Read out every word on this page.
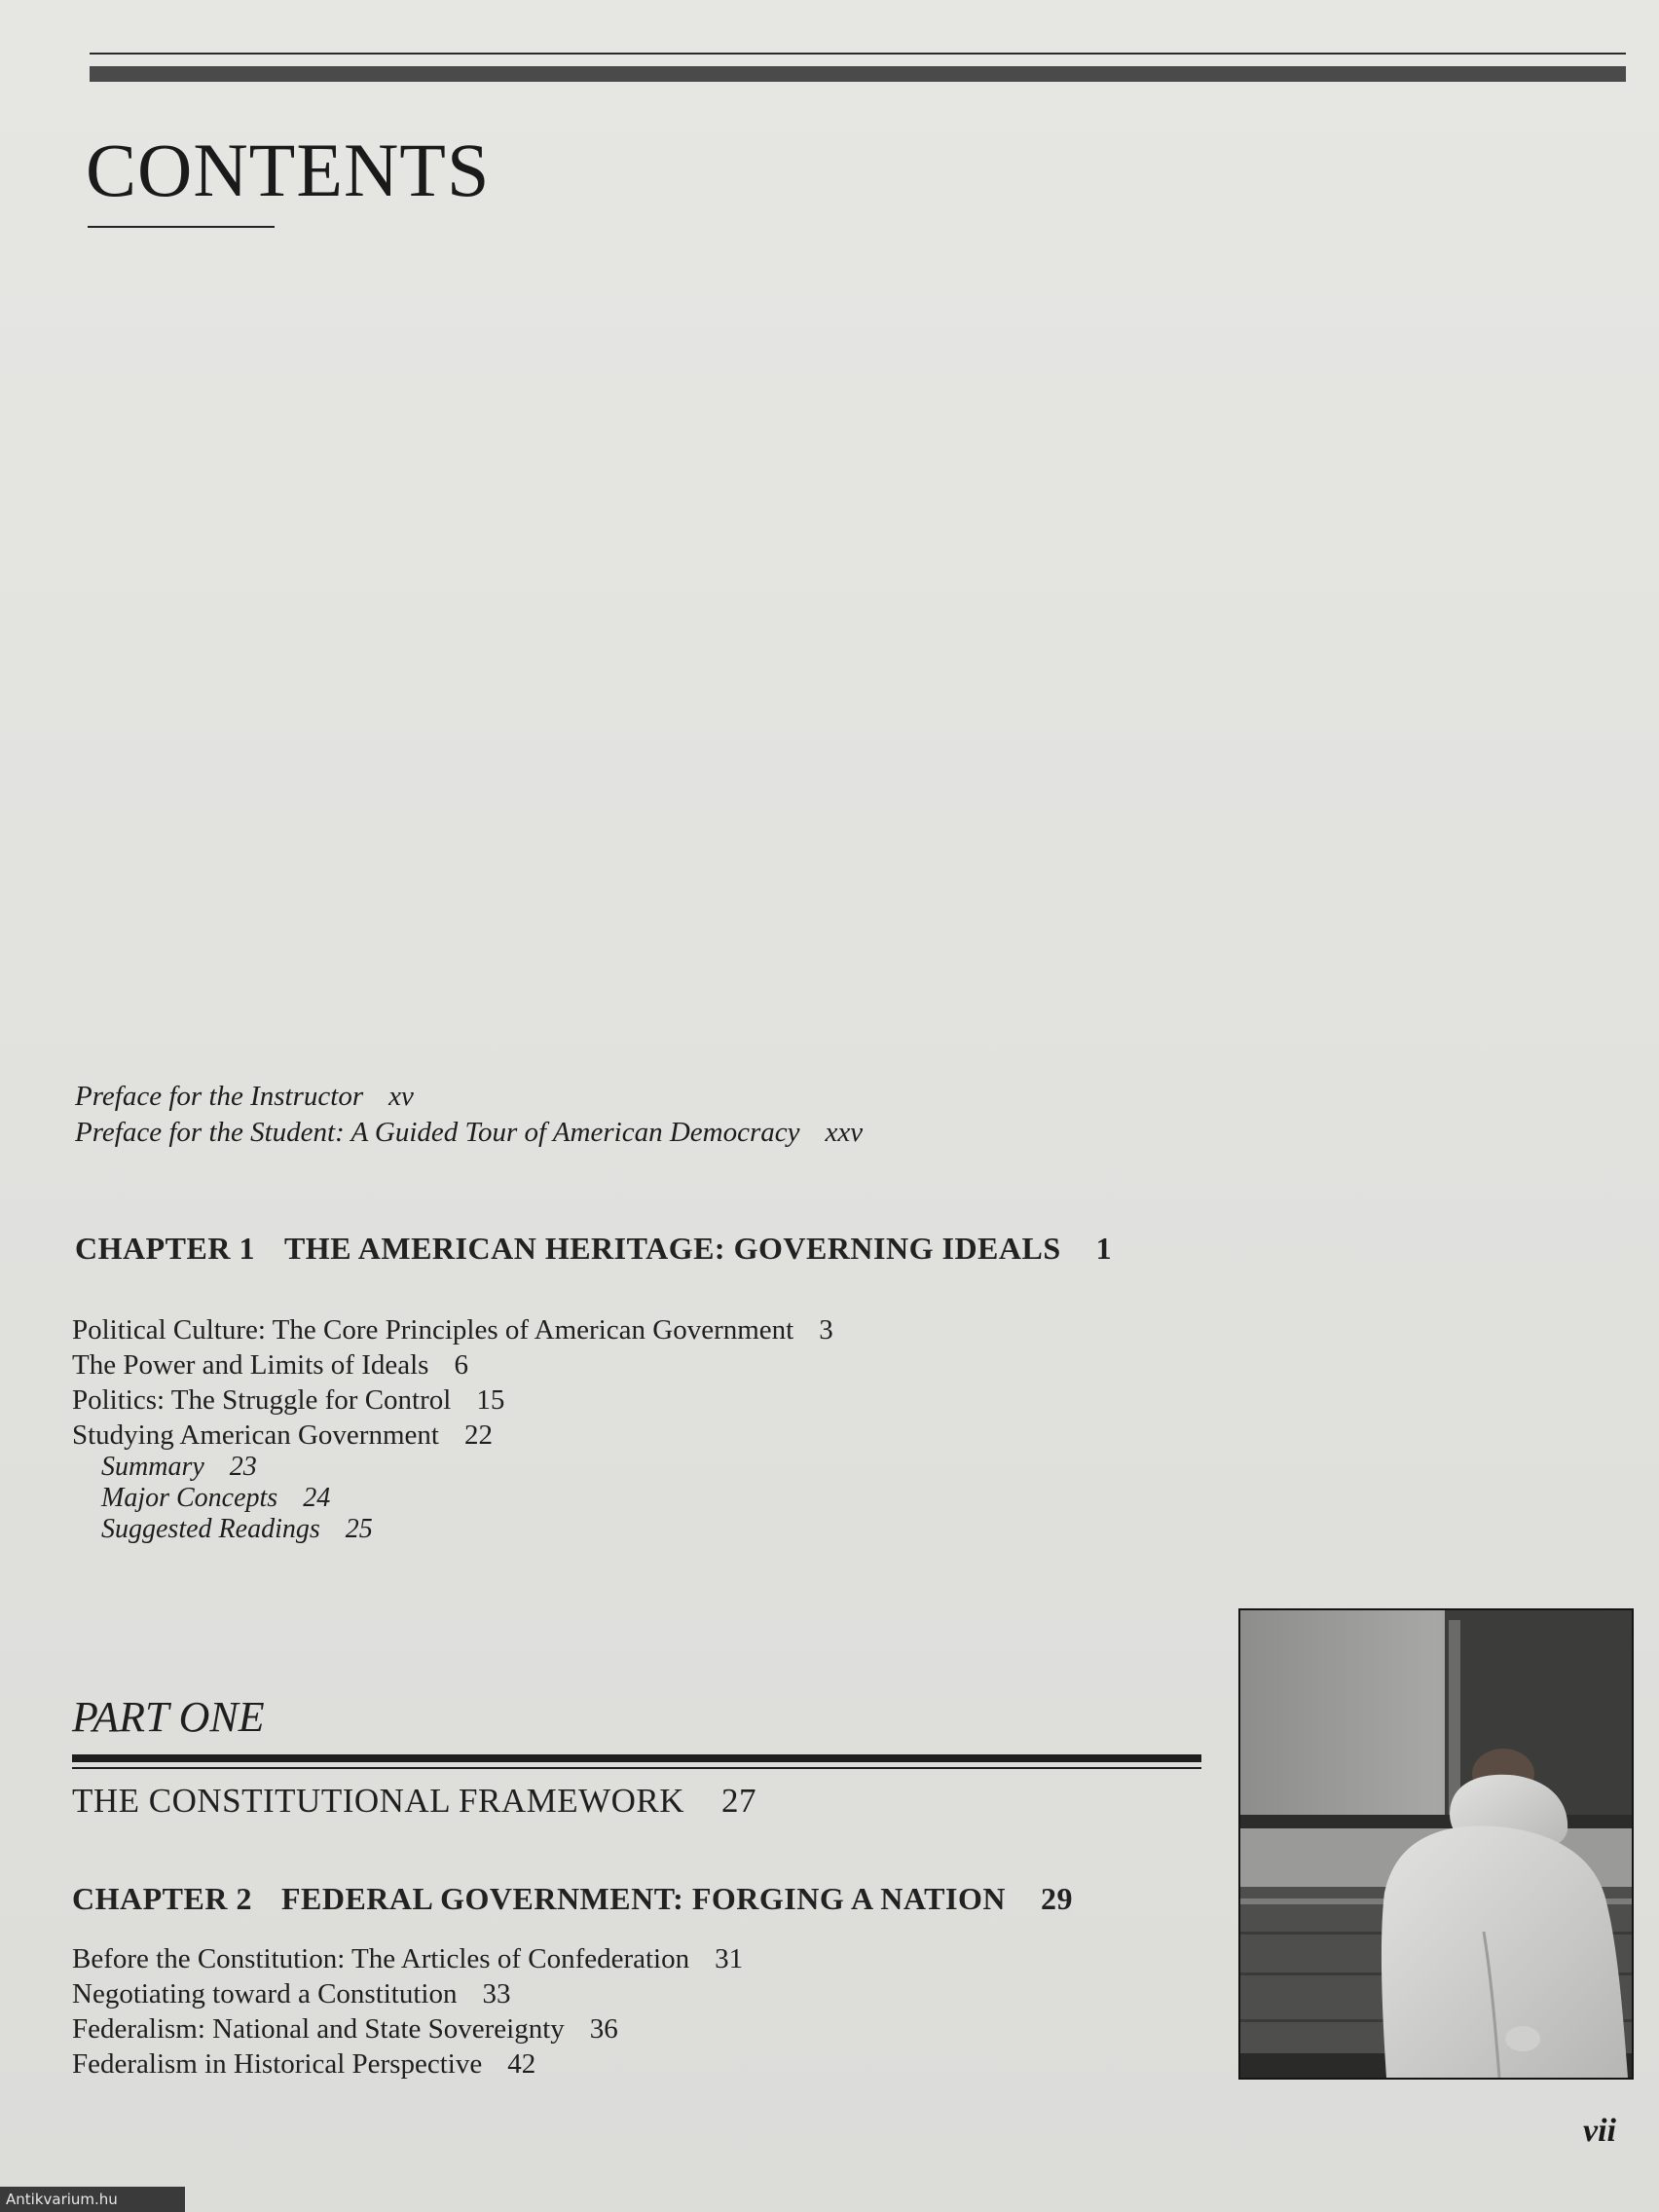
CONTENTS
Preface for the Instructor xv
Preface for the Student: A Guided Tour of American Democracy xxv
CHAPTER 1 THE AMERICAN HERITAGE: GOVERNING IDEALS 1
Political Culture: The Core Principles of American Government 3
The Power and Limits of Ideals 6
Politics: The Struggle for Control 15
Studying American Government 22
Summary 23
Major Concepts 24
Suggested Readings 25
PART ONE
THE CONSTITUTIONAL FRAMEWORK 27
CHAPTER 2 FEDERAL GOVERNMENT: FORGING A NATION 29
Before the Constitution: The Articles of Confederation 31
Negotiating toward a Constitution 33
Federalism: National and State Sovereignty 36
Federalism in Historical Perspective 42
vii
Antikvarium.hu
